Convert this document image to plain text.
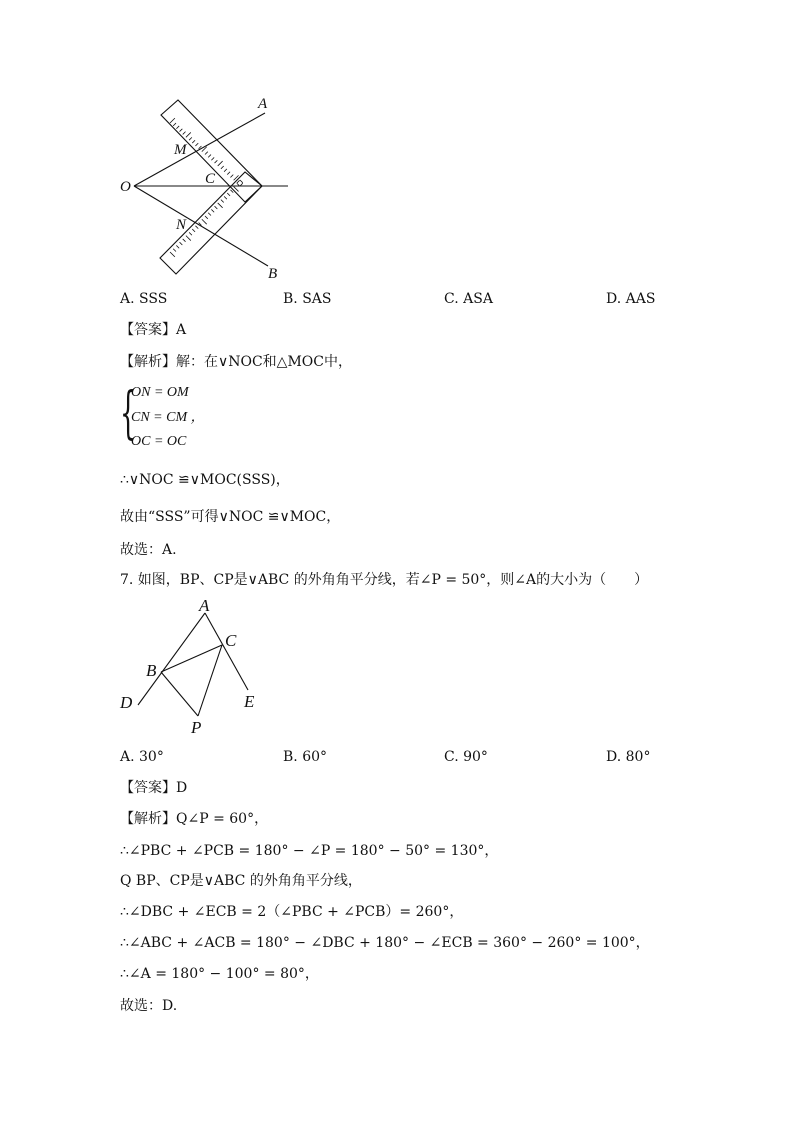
A
M
O	C
N
B
A. SSS	B. SAS	C. ASA	D. AAS
【答案】A
【解析】解：在∨NOC和△MOC中，
{
ON = OM
CN = CM ，
OC = OC
∴∨NOC ≌∨MOC(SSS)，
故由“SSS”可得∨NOC ≌∨MOC，
故选：A.
7. 如图，BP、CP是∨ABC 的外角角平分线，若∠P = 50°，则∠A的大小为（　　）
A
C
B
D	E
P
A. 30°	B. 60°	C. 90°	D. 80°
【答案】D
【解析】Q∠P = 60°，
∴∠PBC + ∠PCB = 180° − ∠P = 180° − 50° = 130°，
Q BP、CP是∨ABC 的外角角平分线，
∴∠DBC + ∠ECB = 2（∠PBC + ∠PCB）= 260°，
∴∠ABC + ∠ACB = 180° − ∠DBC + 180° − ∠ECB = 360° − 260° = 100°，
∴∠A = 180° − 100° = 80°，
故选：D.
